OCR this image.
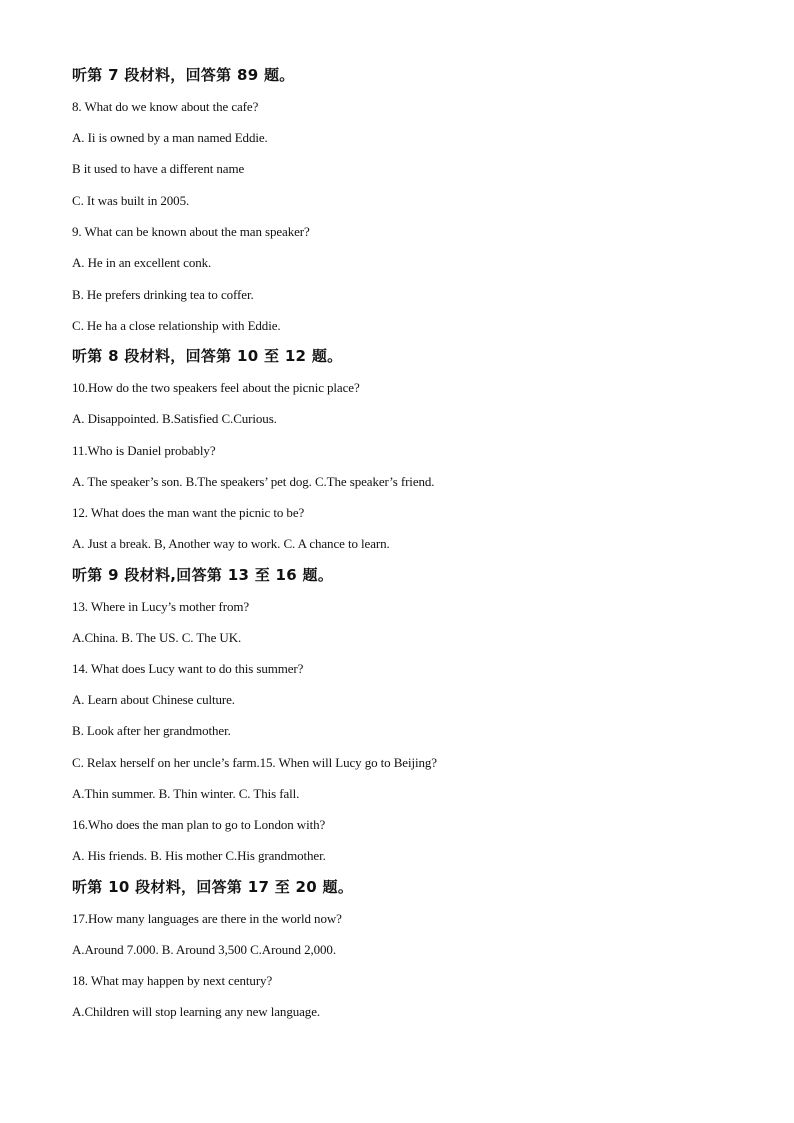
听第 7 段材料，回答第 89 题。
8. What do we know about the cafe?
A. Ii is owned by a man named Eddie.
B it used to have a different name
C. It was built in 2005.
9. What can be known about the man speaker?
A. He in an excellent conk.
B. He prefers drinking tea to coffer.
C. He ha a close relationship with Eddie.
听第 8 段材料，回答第 10 至 12 题。
10.How do the two speakers feel about the picnic place?
A. Disappointed. B.Satisfied C.Curious.
11.Who is Daniel probably?
A. The speaker’s son. B.The speakers’ pet dog. C.The speaker’s friend.
12. What does the man want the picnic to be?
A. Just a break. B, Another way to work. C. A chance to learn.
听第 9 段材料,回答第 13 至 16 题。
13. Where in Lucy’s mother from?
A.China. B. The US. C. The UK.
14. What does Lucy want to do this summer?
A. Learn about Chinese culture.
B. Look after her grandmother.
C. Relax herself on her uncle’s farm.15. When will Lucy go to Beijing?
A.Thin summer. B. Thin winter. C. This fall.
16.Who does the man plan to go to London with?
A. His friends. B. His mother C.His grandmother.
听第 10 段材料，回答第 17 至 20 题。
17.How many languages are there in the world now?
A.Around 7.000. B. Around 3,500 C.Around 2,000.
18. What may happen by next century?
A.Children will stop learning any new language.
